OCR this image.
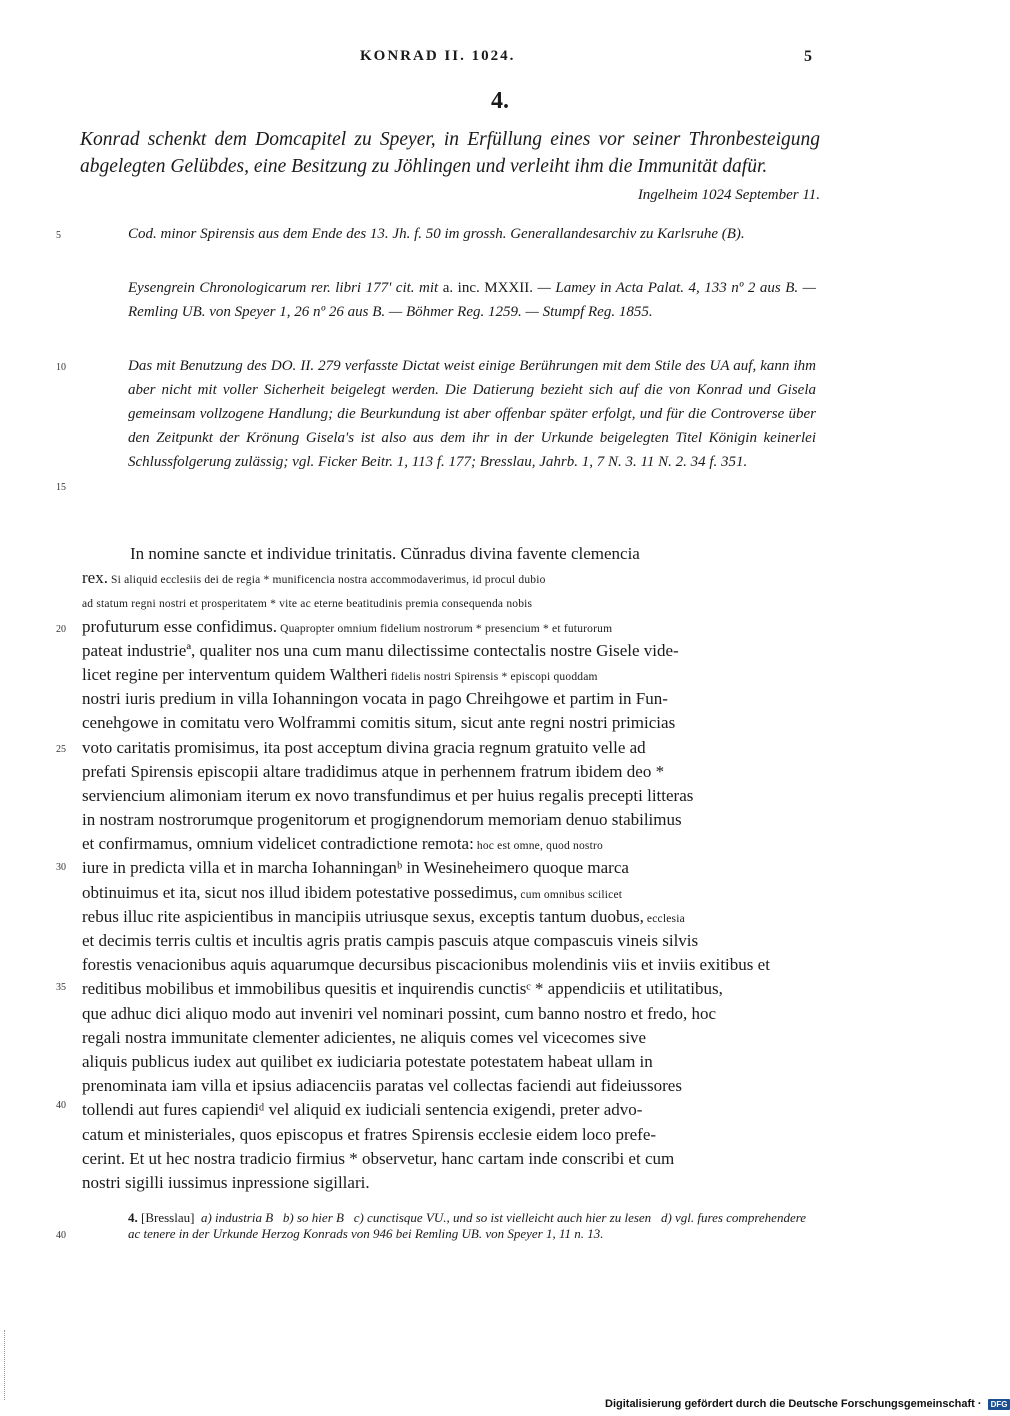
KONRAD II. 1024.	5
4.
Konrad schenkt dem Domcapitel zu Speyer, in Erfüllung eines vor seiner Thronbesteigung abgelegten Gelübdes, eine Besitzung zu Jöhlingen und verleiht ihm die Immunität dafür.
Ingelheim 1024 September 11.
5
10
15
20
25
30
35
40
40
Cod. minor Spirensis aus dem Ende des 13. Jh. f. 50 im grossh. Generallandesarchiv zu Karlsruhe (B).
Eysengrein Chronologicarum rer. libri 177' cit. mit a. inc. MXXII. — Lamey in Acta Palat. 4, 133 nº 2 aus B. — Remling UB. von Speyer 1, 26 nº 26 aus B. — Böhmer Reg. 1259. — Stumpf Reg. 1855.
Das mit Benutzung des DO. II. 279 verfasste Dictat weist einige Berührungen mit dem Stile des UA auf, kann ihm aber nicht mit voller Sicherheit beigelegt werden. Die Datierung bezieht sich auf die von Konrad und Gisela gemeinsam vollzogene Handlung; die Beurkundung ist aber offenbar später erfolgt, und für die Controverse über den Zeitpunkt der Krönung Gisela's ist also aus dem ihr in der Urkunde beigelegten Titel Königin keinerlei Schlussfolgerung zulässig; vgl. Ficker Beitr. 1, 113 f. 177; Bresslau, Jahrb. 1, 7 N. 3. 11 N. 2. 34 f. 351.
In nomine sancte et individue trinitatis. Cŭnradus divina favente clemencia
rex. Si aliquid ecclesiis dei de regia * munificencia nostra accommodaverimus, id procul dubio
ad statum regni nostri et prosperitatem * vite ac eterne beatitudinis premia consequenda nobis
profuturum esse confidimus. Quapropter omnium fidelium nostrorum * presencium * et futurorum
pateat industrieª, qualiter nos una cum manu dilectissime contectalis nostre Gisele vide-
licet regine per interventum quidem Waltheri fidelis nostri Spirensis * episcopi quoddam
nostri iuris predium in villa Iohanningon vocata in pago Chreihgowe et partim in Fun-
cenehgowe in comitatu vero Wolframmi comitis situm, sicut ante regni nostri primicias
voto caritatis promisimus, ita post acceptum divina gracia regnum gratuito velle ad
prefati Spirensis episcopii altare tradidimus atque in perhennem fratrum ibidem deo *
serviencium alimoniam iterum ex novo transfundimus et per huius regalis precepti litteras
in nostram nostrorumque progenitorum et progignendorum memoriam denuo stabilimus
et confirmamus, omnium videlicet contradictione remota: hoc est omne, quod nostro
iure in predicta villa et in marcha Iohanninganᵇ in Wesineheimero quoque marca
obtinuimus et ita, sicut nos illud ibidem potestative possedimus, cum omnibus scilicet
rebus illuc rite aspicientibus in mancipiis utriusque sexus, exceptis tantum duobus, ecclesia
et decimis terris cultis et incultis agris pratis campis pascuis atque compascuis vineis silvis
forestis venacionibus aquis aquarumque decursibus piscacionibus molendinis viis et inviis exitibus et
reditibus mobilibus et immobilibus quesitis et inquirendis cunctisᶜ * appendiciis et utilitatibus,
que adhuc dici aliquo modo aut inveniri vel nominari possint, cum banno nostro et fredo, hoc
regali nostra immunitate clementer adicientes, ne aliquis comes vel vicecomes sive
aliquis publicus iudex aut quilibet ex iudiciaria potestate potestatem habeat ullam in
prenominata iam villa et ipsius adiacenciis paratas vel collectas faciendi aut fideiussores
tollendi aut fures capiendiᵈ vel aliquid ex iudiciali sentencia exigendi, preter advo-
catum et ministeriales, quos episcopus et fratres Spirensis ecclesie eidem loco prefe-
cerint. Et ut hec nostra tradicio firmius * observetur, hanc cartam inde conscribi et cum
nostri sigilli iussimus inpressione sigillari.
4. [Bresslau] a) industria B b) so hier B c) cunctisque VU., und so ist vielleicht auch hier zu lesen d) vgl. fures comprehendere ac tenere in der Urkunde Herzog Konrads von 946 bei Remling UB. von Speyer 1, 11 n. 13.
Digitalisierung gefördert durch die Deutsche Forschungsgemeinschaft · DFG
